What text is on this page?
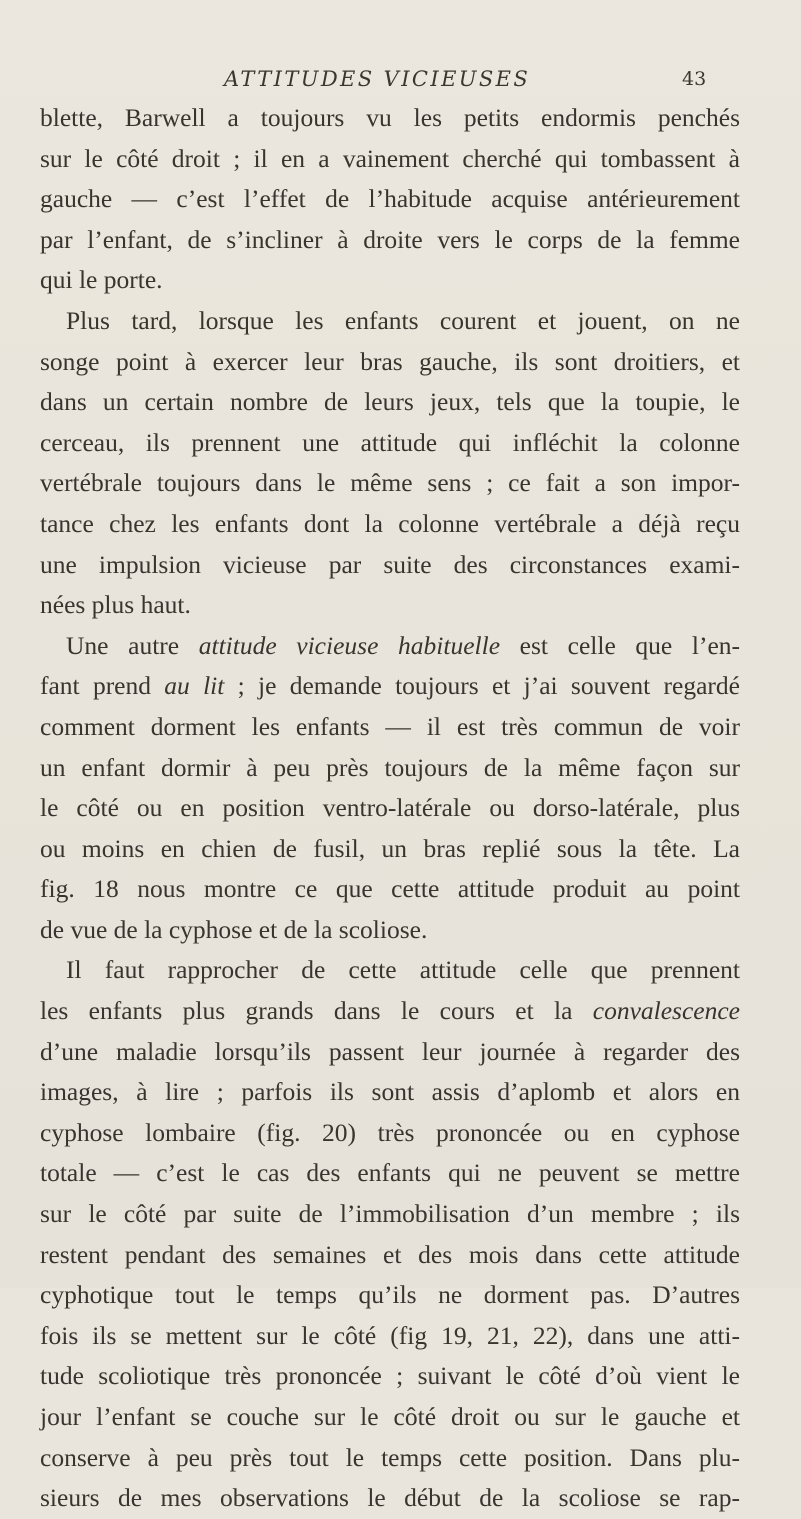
ATTITUDES VICIEUSES	43
blette, Barwell a toujours vu les petits endormis penchés
sur le côté droit ; il en a vainement cherché qui tombassent à
gauche — c’est l’effet de l’habitude acquise antérieurement
par l’enfant, de s’incliner à droite vers le corps de la femme
qui le porte.
Plus tard, lorsque les enfants courent et jouent, on ne
songe point à exercer leur bras gauche, ils sont droitiers, et
dans un certain nombre de leurs jeux, tels que la toupie, le
cerceau, ils prennent une attitude qui infléchit la colonne
vertébrale toujours dans le même sens ; ce fait a son impor-
tance chez les enfants dont la colonne vertébrale a déjà reçu
une impulsion vicieuse par suite des circonstances exami-
nées plus haut.
Une autre attitude vicieuse habituelle est celle que l’en-
fant prend au lit ; je demande toujours et j’ai souvent regardé
comment dorment les enfants — il est très commun de voir
un enfant dormir à peu près toujours de la même façon sur
le côté ou en position ventro-latérale ou dorso-latérale, plus
ou moins en chien de fusil, un bras replié sous la tête. La
fig. 18 nous montre ce que cette attitude produit au point
de vue de la cyphose et de la scoliose.
Il faut rapprocher de cette attitude celle que prennent
les enfants plus grands dans le cours et la convalescence
d’une maladie lorsqu’ils passent leur journée à regarder des
images, à lire ; parfois ils sont assis d’aplomb et alors en
cyphose lombaire (fig. 20) très prononcée ou en cyphose
totale — c’est le cas des enfants qui ne peuvent se mettre
sur le côté par suite de l’immobilisation d’un membre ; ils
restent pendant des semaines et des mois dans cette attitude
cyphotique tout le temps qu’ils ne dorment pas. D’autres
fois ils se mettent sur le côté (fig 19, 21, 22), dans une atti-
tude scoliotique très prononcée ; suivant le côté d’où vient le
jour l’enfant se couche sur le côté droit ou sur le gauche et
conserve à peu près tout le temps cette position. Dans plu-
sieurs de mes observations le début de la scoliose se rap-
